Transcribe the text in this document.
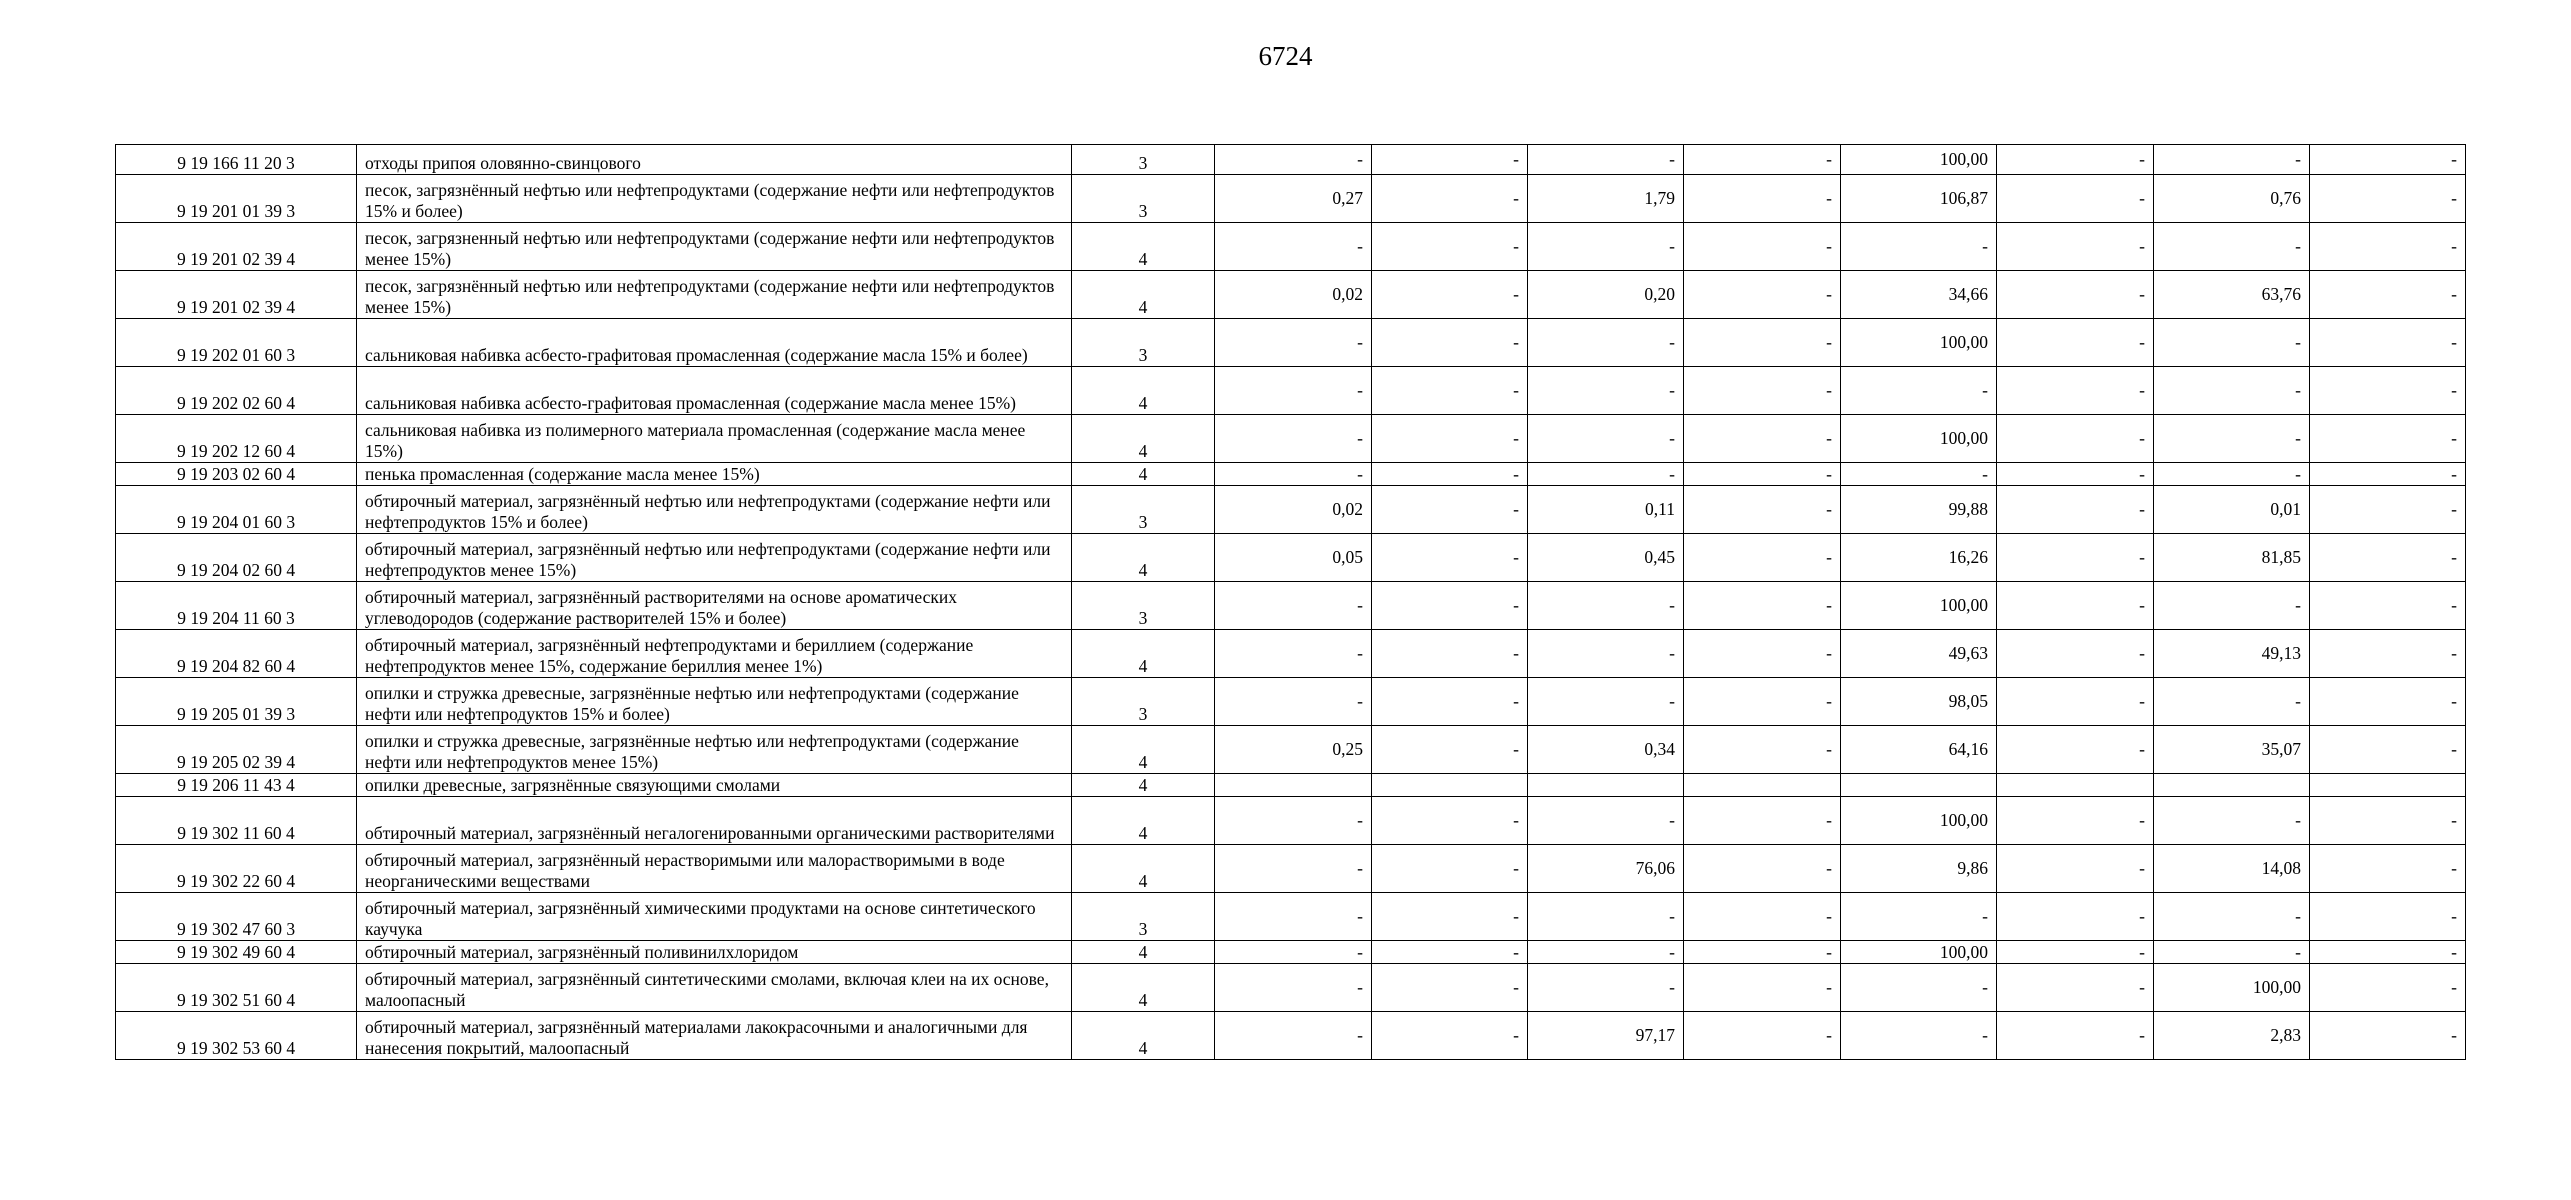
6724
9 19 166 11 20 3	отходы припоя оловянно-свинцового	3	-	-	-	-	100,00	-	-	-
9 19 201 01 39 3	песок, загрязнённый нефтью или нефтепродуктами (содержание нефти или нефтепродуктов 15% и более)	3	0,27	-	1,79	-	106,87	-	0,76	-
9 19 201 02 39 4	песок, загрязненный нефтью или нефтепродуктами (содержание нефти или нефтепродуктов менее 15%)	4	-	-	-	-	-	-	-	-
9 19 201 02 39 4	песок, загрязнённый нефтью или нефтепродуктами (содержание нефти или нефтепродуктов менее 15%)	4	0,02	-	0,20	-	34,66	-	63,76	-
9 19 202 01 60 3	сальниковая набивка асбесто-графитовая промасленная (содержание масла 15% и более)	3	-	-	-	-	100,00	-	-	-
9 19 202 02 60 4	сальниковая набивка асбесто-графитовая промасленная (содержание масла менее 15%)	4	-	-	-	-	-	-	-	-
9 19 202 12 60 4	сальниковая набивка из полимерного материала промасленная (содержание масла менее 15%)	4	-	-	-	-	100,00	-	-	-
9 19 203 02 60 4	пенька промасленная (содержание масла менее 15%)	4	-	-	-	-	-	-	-	-
9 19 204 01 60 3	обтирочный материал, загрязнённый нефтью или нефтепродуктами (содержание нефти или нефтепродуктов 15% и более)	3	0,02	-	0,11	-	99,88	-	0,01	-
9 19 204 02 60 4	обтирочный материал, загрязнённый нефтью или нефтепродуктами (содержание нефти или нефтепродуктов менее 15%)	4	0,05	-	0,45	-	16,26	-	81,85	-
9 19 204 11 60 3	обтирочный материал, загрязнённый растворителями на основе ароматических углеводородов (содержание растворителей 15% и более)	3	-	-	-	-	100,00	-	-	-
9 19 204 82 60 4	обтирочный материал, загрязнённый нефтепродуктами и бериллием (содержание нефтепродуктов менее 15%, содержание бериллия менее 1%)	4	-	-	-	-	49,63	-	49,13	-
9 19 205 01 39 3	опилки и стружка древесные, загрязнённые нефтью или нефтепродуктами (содержание нефти или нефтепродуктов 15% и более)	3	-	-	-	-	98,05	-	-	-
9 19 205 02 39 4	опилки и стружка древесные, загрязнённые нефтью или нефтепродуктами (содержание нефти или нефтепродуктов менее 15%)	4	0,25	-	0,34	-	64,16	-	35,07	-
9 19 206 11 43 4	опилки древесные, загрязнённые связующими смолами	4								
9 19 302 11 60 4	обтирочный материал, загрязнённый негалогенированными органическими растворителями	4	-	-	-	-	100,00	-	-	-
9 19 302 22 60 4	обтирочный материал, загрязнённый нерастворимыми или малорастворимыми в воде неорганическими веществами	4	-	-	76,06	-	9,86	-	14,08	-
9 19 302 47 60 3	обтирочный материал, загрязнённый химическими продуктами на основе синтетического каучука	3	-	-	-	-	-	-	-	-
9 19 302 49 60 4	обтирочный материал, загрязнённый поливинилхлоридом	4	-	-	-	-	100,00	-	-	-
9 19 302 51 60 4	обтирочный материал, загрязнённый синтетическими смолами, включая клеи на их основе, малоопасный	4	-	-	-	-	-	-	100,00	-
9 19 302 53 60 4	обтирочный материал, загрязнённый материалами лакокрасочными и аналогичными для нанесения покрытий, малоопасный	4	-	-	97,17	-	-	-	2,83	-
